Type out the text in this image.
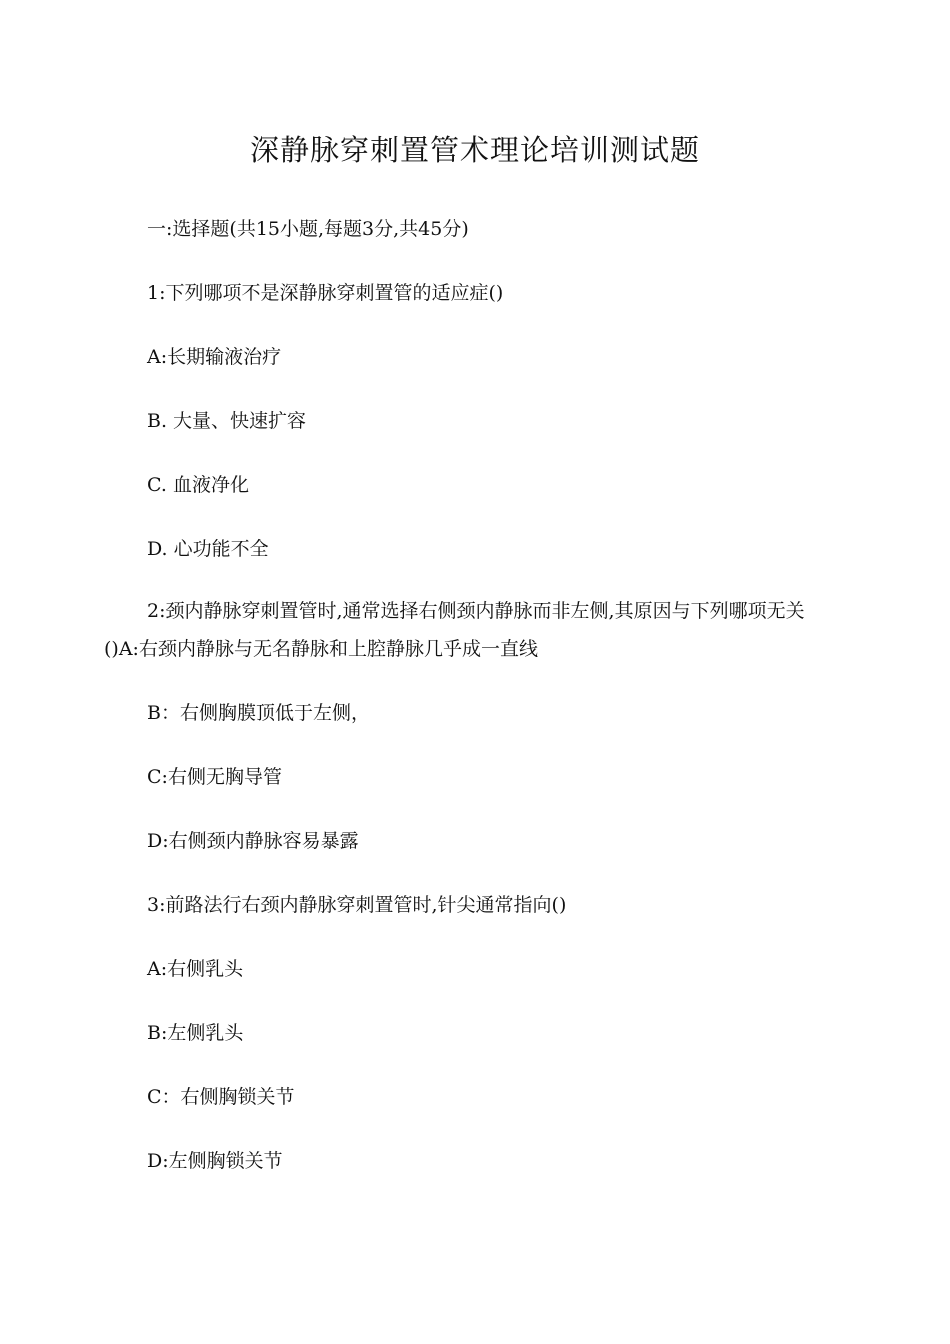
深静脉穿刺置管术理论培训测试题

一:选择题(共15小题,每题3分,共45分)

1:下列哪项不是深静脉穿刺置管的适应症()

A:长期输液治疗

B. 大量、快速扩容

C. 血液净化

D. 心功能不全

2:颈内静脉穿刺置管时,通常选择右侧颈内静脉而非左侧,其原因与下列哪项无关()A:右颈内静脉与无名静脉和上腔静脉几乎成一直线

B：右侧胸膜顶低于左侧，

C:右侧无胸导管

D:右侧颈内静脉容易暴露

3:前路法行右颈内静脉穿刺置管时,针尖通常指向()

A:右侧乳头

B:左侧乳头

C：右侧胸锁关节

D:左侧胸锁关节
